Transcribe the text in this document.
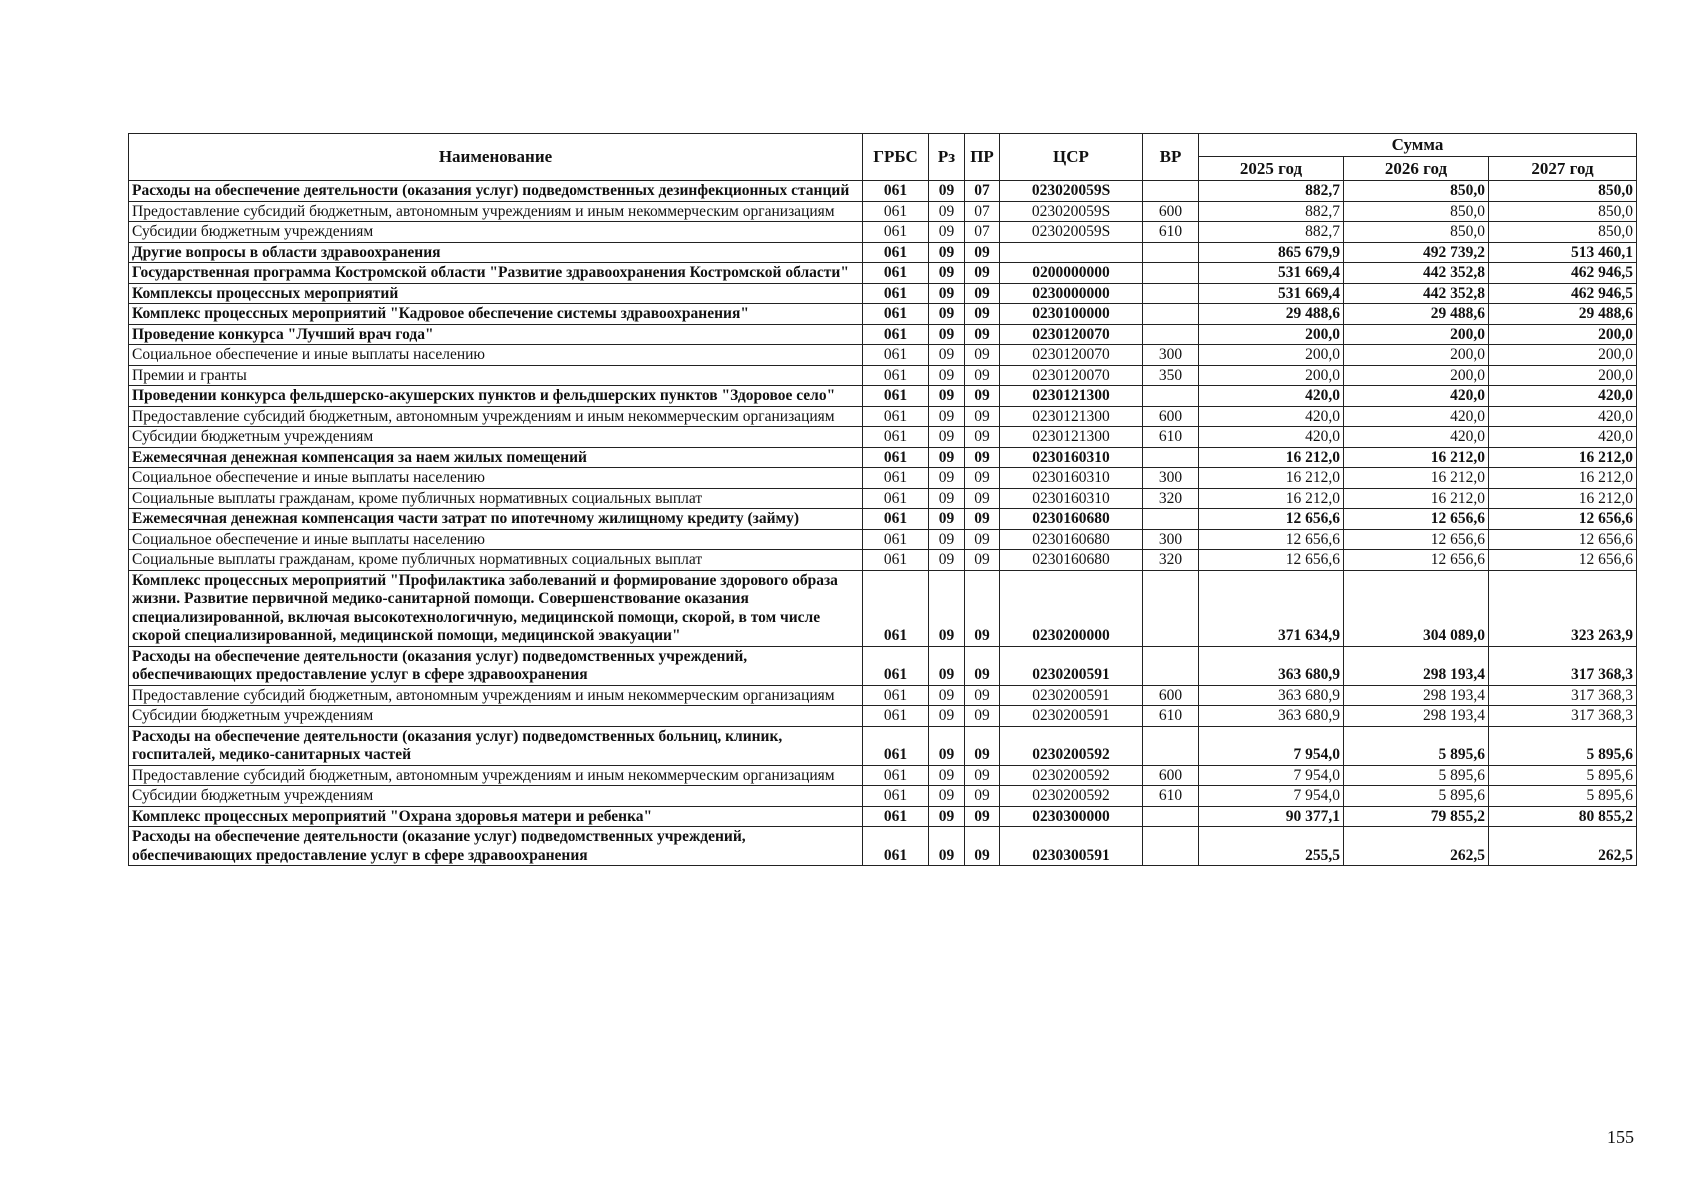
Наименование	ГРБС	Рз	ПР	ЦСР	ВР	Сумма		
						2025 год	2026 год	2027 год
Расходы на обеспечение деятельности (оказания услуг) подведомственных дезинфекционных станций	061	09	07	023020059S		882,7	850,0	850,0
Предоставление субсидий бюджетным, автономным учреждениям и иным некоммерческим организациям	061	09	07	023020059S	600	882,7	850,0	850,0
Субсидии бюджетным учреждениям	061	09	07	023020059S	610	882,7	850,0	850,0
Другие вопросы в области здравоохранения	061	09	09			865 679,9	492 739,2	513 460,1
Государственная программа Костромской области "Развитие здравоохранения Костромской области"	061	09	09	0200000000		531 669,4	442 352,8	462 946,5
Комплексы процессных мероприятий	061	09	09	0230000000		531 669,4	442 352,8	462 946,5
Комплекс процессных мероприятий "Кадровое обеспечение системы здравоохранения"	061	09	09	0230100000		29 488,6	29 488,6	29 488,6
Проведение конкурса "Лучший врач года"	061	09	09	0230120070		200,0	200,0	200,0
Социальное обеспечение и иные выплаты населению	061	09	09	0230120070	300	200,0	200,0	200,0
Премии и гранты	061	09	09	0230120070	350	200,0	200,0	200,0
Проведении конкурса фельдшерско-акушерских пунктов и фельдшерских пунктов "Здоровое село"	061	09	09	0230121300		420,0	420,0	420,0
Предоставление субсидий бюджетным, автономным учреждениям и иным некоммерческим организациям	061	09	09	0230121300	600	420,0	420,0	420,0
Субсидии бюджетным учреждениям	061	09	09	0230121300	610	420,0	420,0	420,0
Ежемесячная денежная компенсация за наем жилых помещений	061	09	09	0230160310		16 212,0	16 212,0	16 212,0
Социальное обеспечение и иные выплаты населению	061	09	09	0230160310	300	16 212,0	16 212,0	16 212,0
Социальные выплаты гражданам, кроме публичных нормативных социальных выплат	061	09	09	0230160310	320	16 212,0	16 212,0	16 212,0
Ежемесячная денежная компенсация части затрат по ипотечному жилищному кредиту (займу)	061	09	09	0230160680		12 656,6	12 656,6	12 656,6
Социальное обеспечение и иные выплаты населению	061	09	09	0230160680	300	12 656,6	12 656,6	12 656,6
Социальные выплаты гражданам, кроме публичных нормативных социальных выплат	061	09	09	0230160680	320	12 656,6	12 656,6	12 656,6
Комплекс процессных мероприятий "Профилактика заболеваний и формирование здорового образа жизни. Развитие первичной медико-санитарной помощи. Совершенствование оказания специализированной, включая высокотехнологичную, медицинской помощи, скорой, в том числе скорой специализированной, медицинской помощи, медицинской эвакуации"	061	09	09	0230200000		371 634,9	304 089,0	323 263,9
Расходы на обеспечение деятельности (оказания услуг) подведомственных учреждений, обеспечивающих предоставление услуг в сфере здравоохранения	061	09	09	0230200591		363 680,9	298 193,4	317 368,3
Предоставление субсидий бюджетным, автономным учреждениям и иным некоммерческим организациям	061	09	09	0230200591	600	363 680,9	298 193,4	317 368,3
Субсидии бюджетным учреждениям	061	09	09	0230200591	610	363 680,9	298 193,4	317 368,3
Расходы на обеспечение деятельности (оказания услуг) подведомственных больниц, клиник, госпиталей, медико-санитарных частей	061	09	09	0230200592		7 954,0	5 895,6	5 895,6
Предоставление субсидий бюджетным, автономным учреждениям и иным некоммерческим организациям	061	09	09	0230200592	600	7 954,0	5 895,6	5 895,6
Субсидии бюджетным учреждениям	061	09	09	0230200592	610	7 954,0	5 895,6	5 895,6
Комплекс процессных мероприятий "Охрана здоровья матери и ребенка"	061	09	09	0230300000		90 377,1	79 855,2	80 855,2
Расходы на обеспечение деятельности (оказание услуг) подведомственных учреждений, обеспечивающих предоставление услуг в сфере здравоохранения	061	09	09	0230300591		255,5	262,5	262,5
155
